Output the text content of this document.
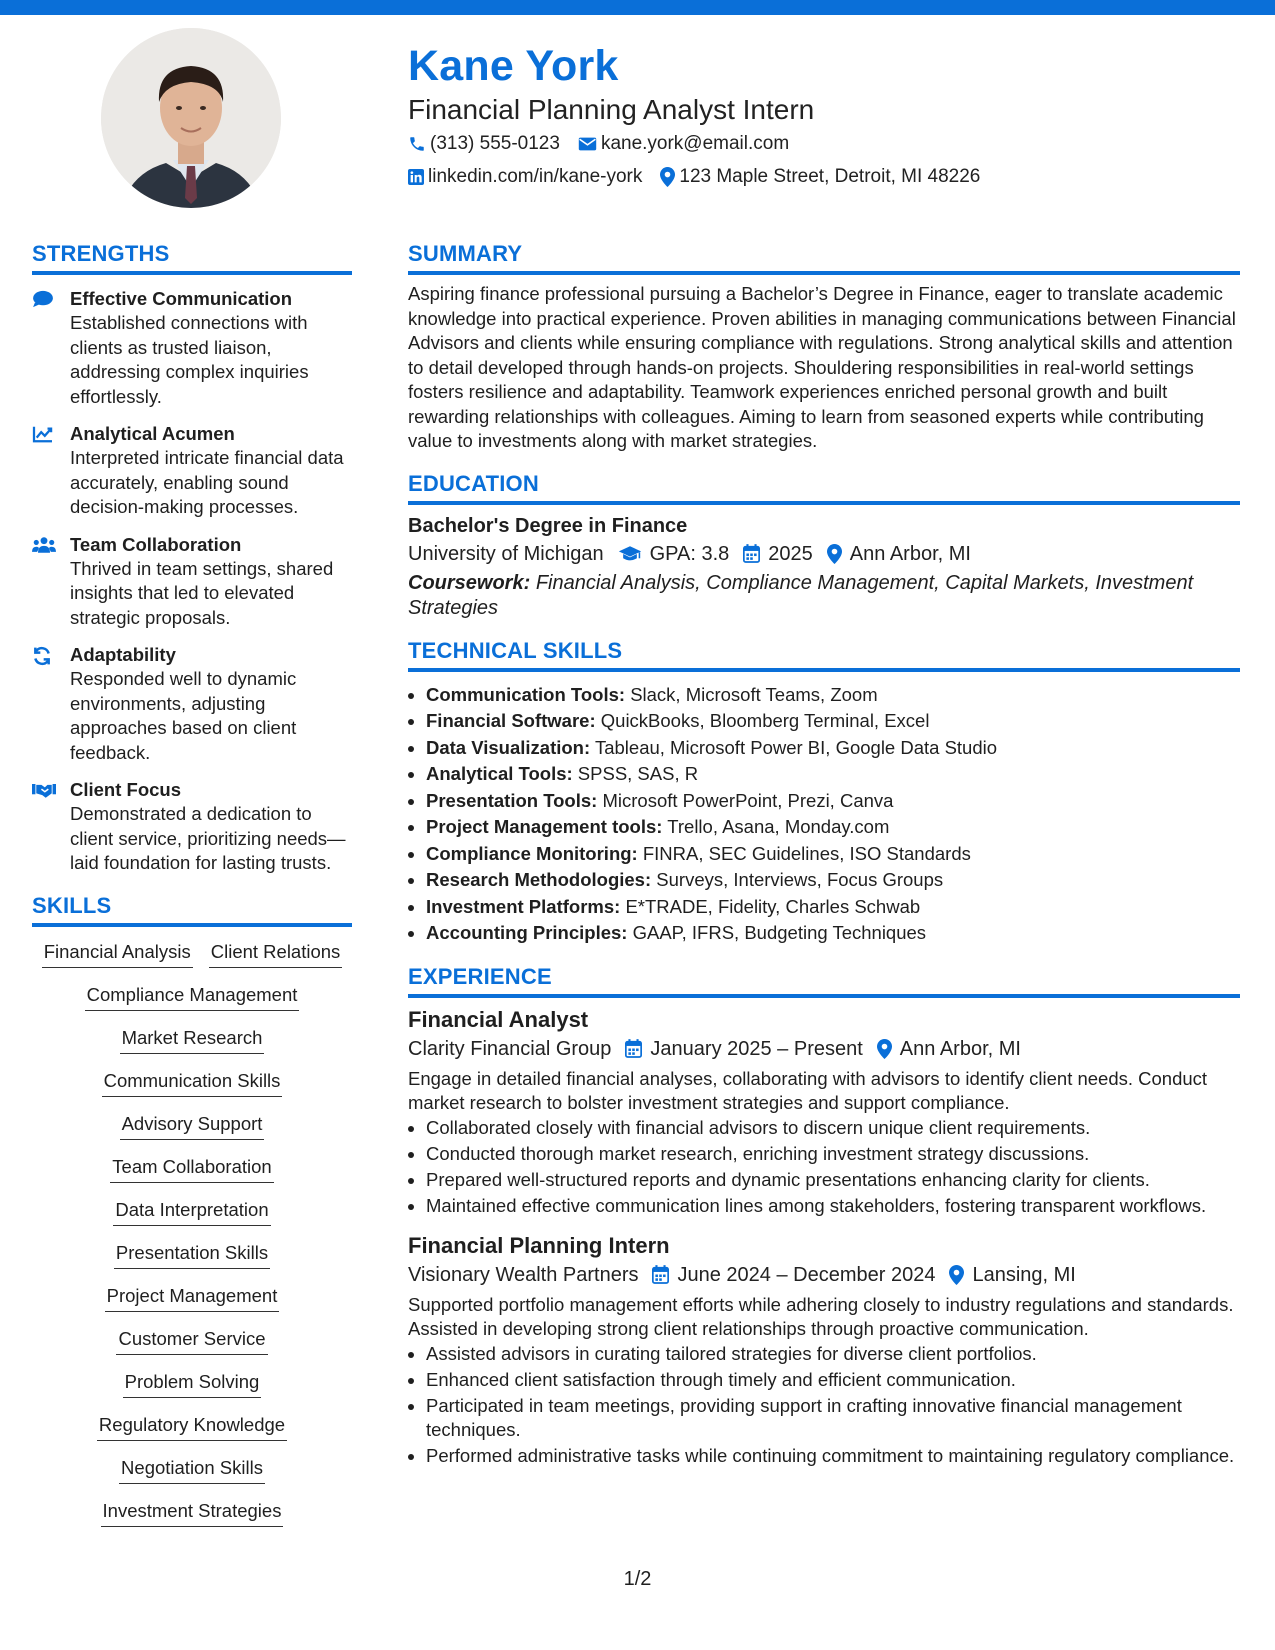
Kane York
Financial Planning Analyst Intern
(313) 555-0123 kane.york@email.com
linkedin.com/in/kane-york 123 Maple Street, Detroit, MI 48226
STRENGTHS
Effective Communication
Established connections with clients as trusted liaison, addressing complex inquiries effortlessly.
Analytical Acumen
Interpreted intricate financial data accurately, enabling sound decision-making processes.
Team Collaboration
Thrived in team settings, shared insights that led to elevated strategic proposals.
Adaptability
Responded well to dynamic environments, adjusting approaches based on client feedback.
Client Focus
Demonstrated a dedication to client service, prioritizing needs—laid foundation for lasting trusts.
SKILLS
Financial Analysis Client Relations
Compliance Management
Market Research
Communication Skills
Advisory Support
Team Collaboration
Data Interpretation
Presentation Skills
Project Management
Customer Service
Problem Solving
Regulatory Knowledge
Negotiation Skills
Investment Strategies
SUMMARY
Aspiring finance professional pursuing a Bachelor’s Degree in Finance, eager to translate academic knowledge into practical experience. Proven abilities in managing communications between Financial Advisors and clients while ensuring compliance with regulations. Strong analytical skills and attention to detail developed through hands-on projects. Shouldering responsibilities in real-world settings fosters resilience and adaptability. Teamwork experiences enriched personal growth and built rewarding relationships with colleagues. Aiming to learn from seasoned experts while contributing value to investments along with market strategies.
EDUCATION
Bachelor's Degree in Finance
University of Michigan GPA: 3.8 2025 Ann Arbor, MI
Coursework: Financial Analysis, Compliance Management, Capital Markets, Investment Strategies
TECHNICAL SKILLS
• Communication Tools: Slack, Microsoft Teams, Zoom
• Financial Software: QuickBooks, Bloomberg Terminal, Excel
• Data Visualization: Tableau, Microsoft Power BI, Google Data Studio
• Analytical Tools: SPSS, SAS, R
• Presentation Tools: Microsoft PowerPoint, Prezi, Canva
• Project Management tools: Trello, Asana, Monday.com
• Compliance Monitoring: FINRA, SEC Guidelines, ISO Standards
• Research Methodologies: Surveys, Interviews, Focus Groups
• Investment Platforms: E*TRADE, Fidelity, Charles Schwab
• Accounting Principles: GAAP, IFRS, Budgeting Techniques
EXPERIENCE
Financial Analyst
Clarity Financial Group January 2025 – Present Ann Arbor, MI
Engage in detailed financial analyses, collaborating with advisors to identify client needs. Conduct market research to bolster investment strategies and support compliance.
• Collaborated closely with financial advisors to discern unique client requirements.
• Conducted thorough market research, enriching investment strategy discussions.
• Prepared well-structured reports and dynamic presentations enhancing clarity for clients.
• Maintained effective communication lines among stakeholders, fostering transparent workflows.
Financial Planning Intern
Visionary Wealth Partners June 2024 – December 2024 Lansing, MI
Supported portfolio management efforts while adhering closely to industry regulations and standards. Assisted in developing strong client relationships through proactive communication.
• Assisted advisors in curating tailored strategies for diverse client portfolios.
• Enhanced client satisfaction through timely and efficient communication.
• Participated in team meetings, providing support in crafting innovative financial management techniques.
• Performed administrative tasks while continuing commitment to maintaining regulatory compliance.
1/2
